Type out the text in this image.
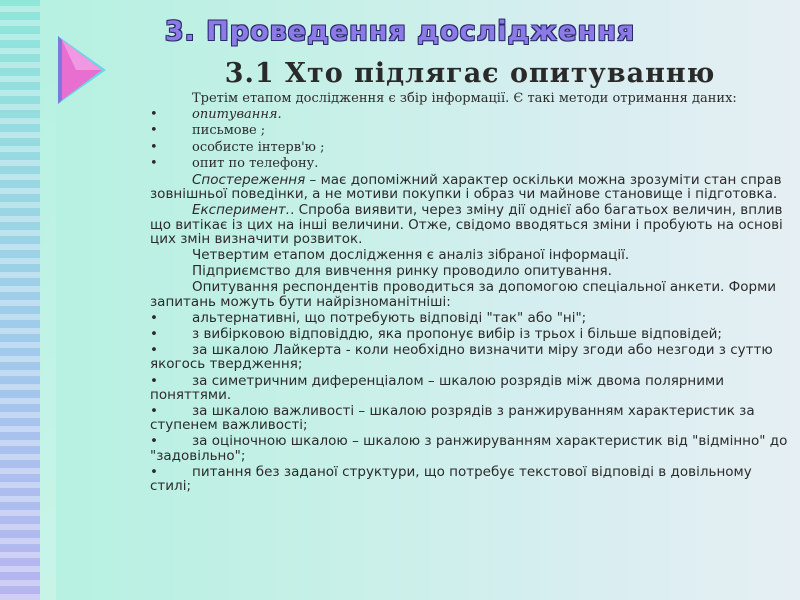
3. Проведення дослідження
3.1 Хто підлягає опитуванню

Третім етапом дослідження є збір інформації. Є такі методи отримання даних:

•	опитування.
•	письмове ;
•	особисте інтерв'ю ;
•	опит по телефону.

Спостереження – має допоміжний характер оскільки можна зрозуміти стан справ зовнішньої поведінки, а не мотиви покупки і образ чи майнове становище і підготовка.

Експеримент.. Спроба виявити, через зміну дії однієї або багатьох величин, вплив що витікає із цих на інші величини. Отже, свідомо вводяться зміни і пробують на основі цих змін визначити розвиток.

Четвертим етапом дослідження є аналіз зібраної інформації.

Підприємство для вивчення ринку проводило опитування.

Опитування респондентів проводиться за допомогою спеціальної анкети. Форми запитань можуть бути найрізноманітніші:

•	альтернативні, що потребують відповіді "так" або "ні";
•	з вибірковою відповіддю, яка пропонує вибір із трьох і більше відповідей;
•	за шкалою Лайкерта - коли необхідно визначити міру згоди або незгоди з суттю якогось твердження;
•	за симетричним диференціалом – шкалою розрядів між двома полярними поняттями.
•	за шкалою важливості – шкалою розрядів з ранжируванням характеристик за ступенем важливості;
•	за оціночною шкалою – шкалою з ранжируванням характеристик від "відмінно" до "задовільно";
•	питання без заданої структури, що потребує текстової відповіді в довільному стилі;
